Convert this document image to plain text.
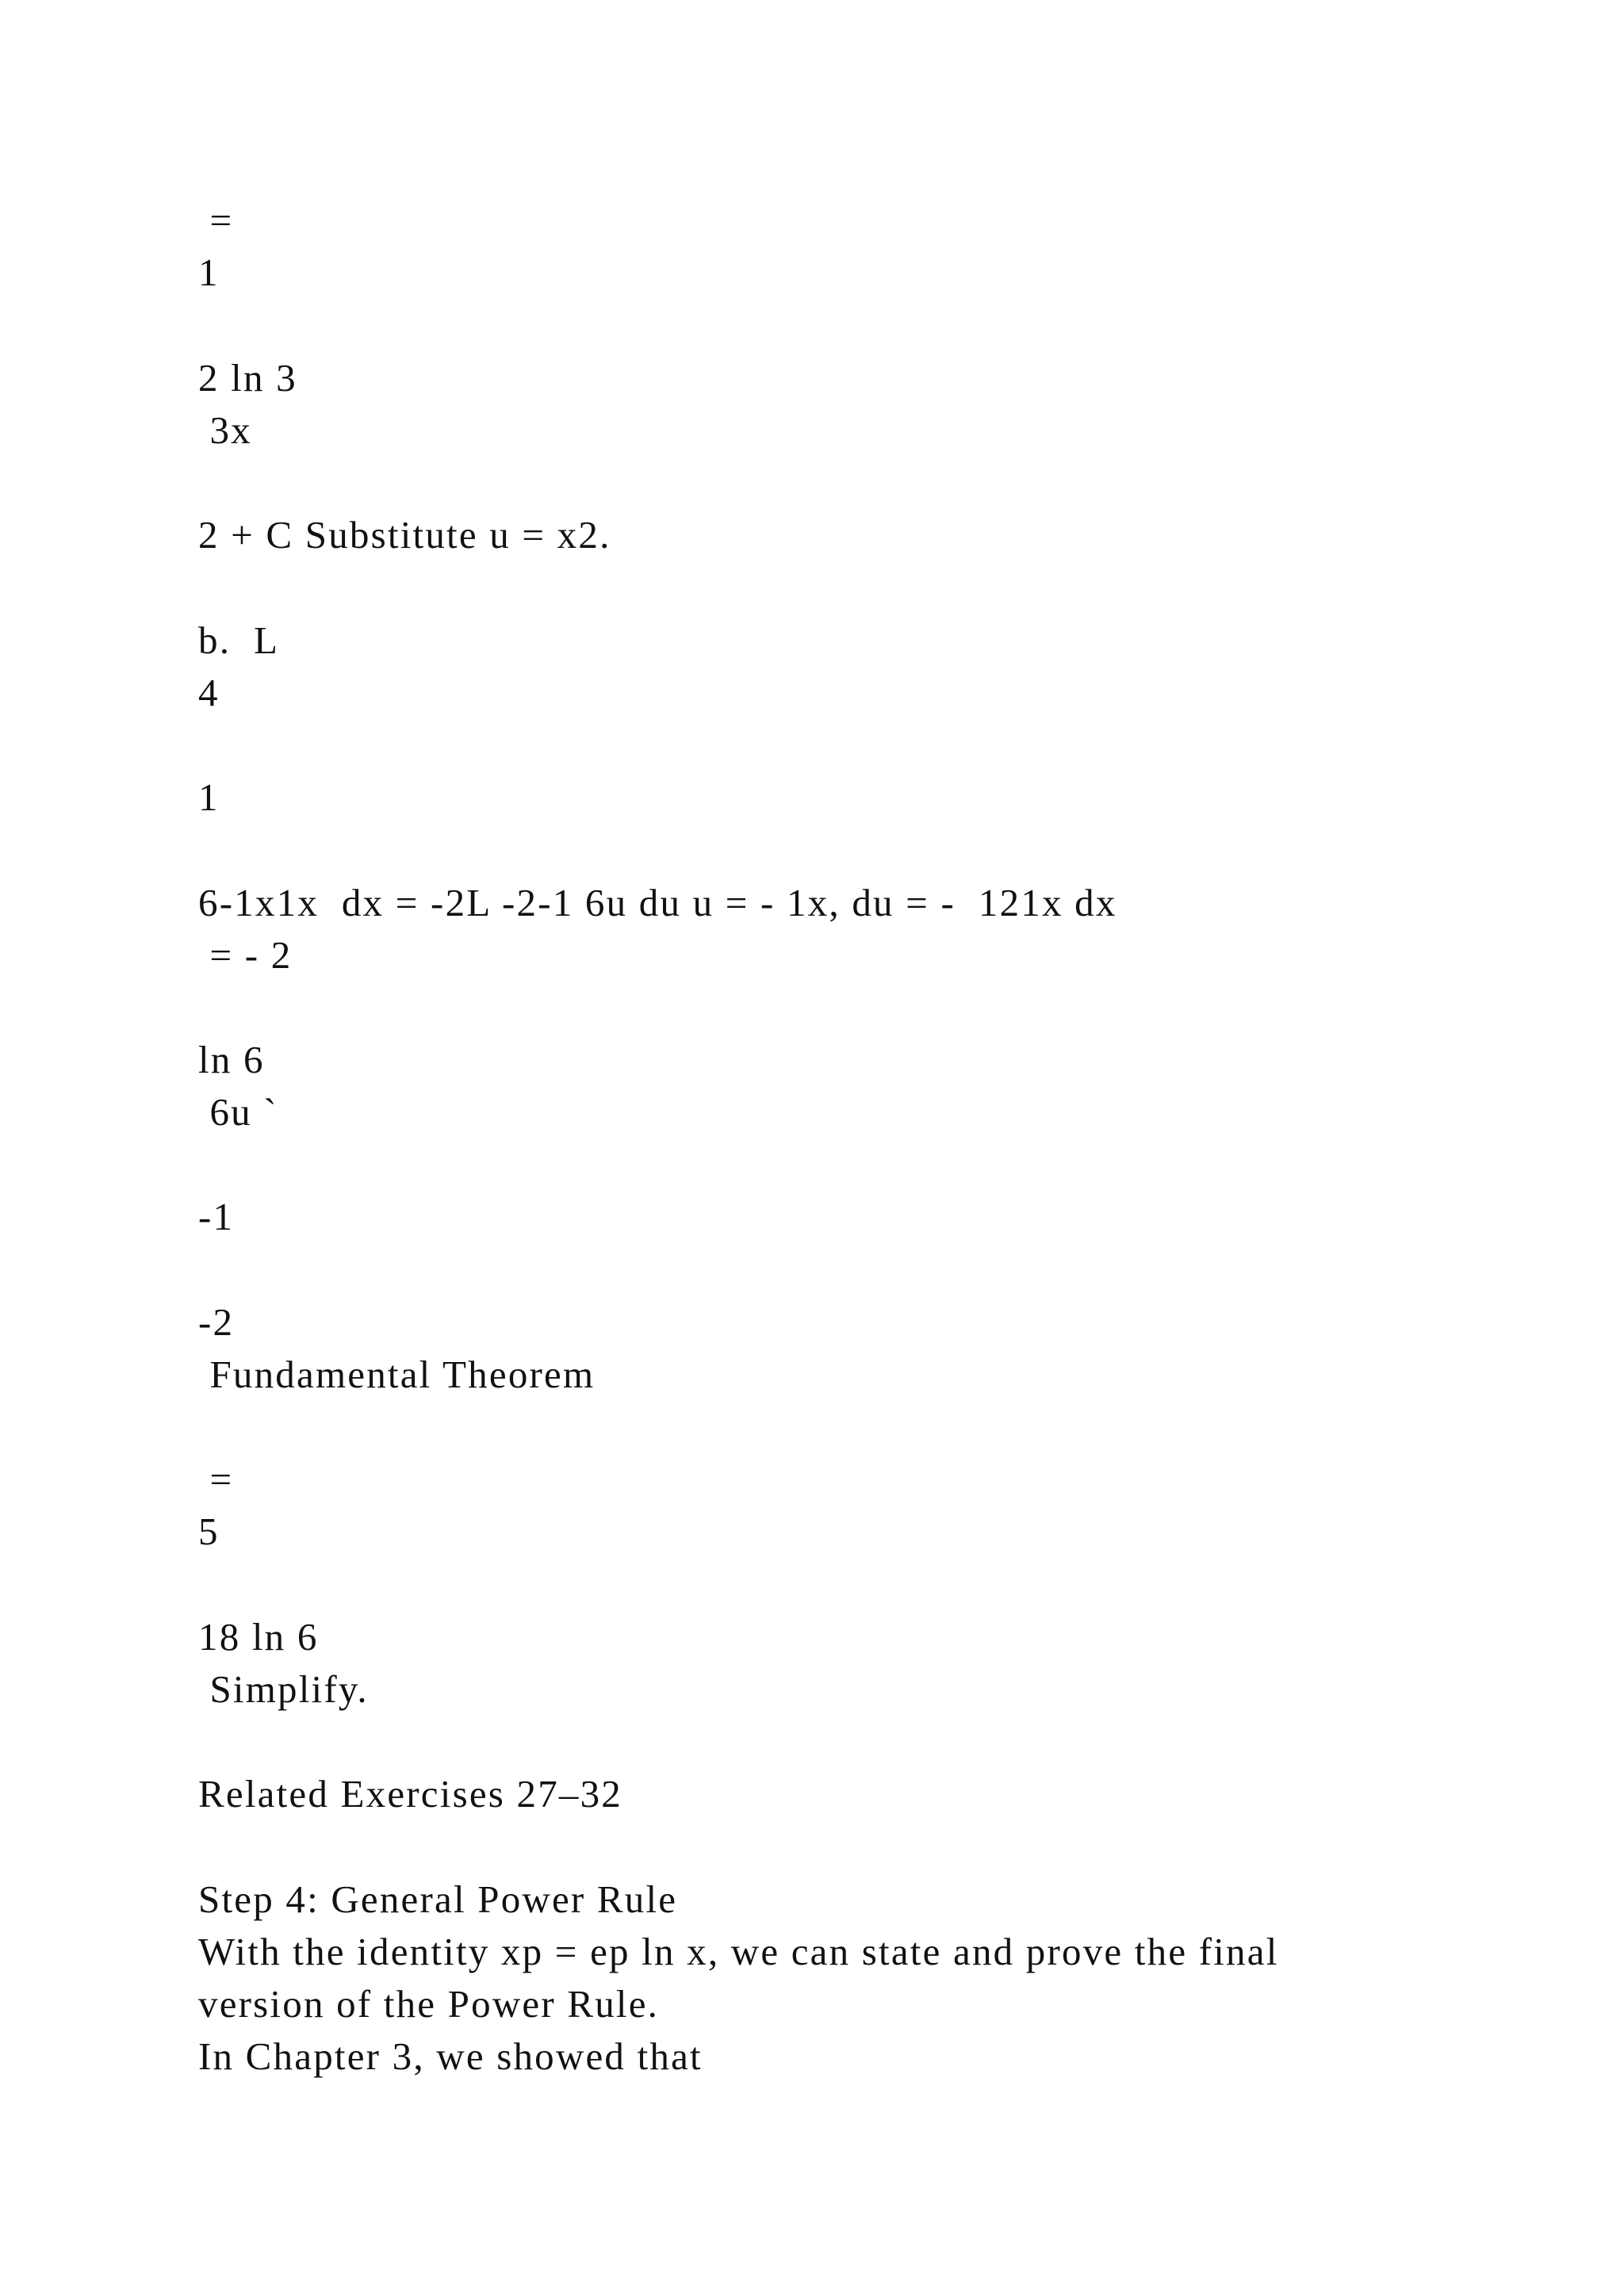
=

1

2 ln 3

3x

2 + C Substitute u = x2.

b.  L

4

1

6-1x1x  dx = -2L -2-1 6u du u = - 1x, du = -  121x dx

= - 2

ln 6

6u `

-1

-2

Fundamental Theorem

=

5

18 ln 6

Simplify.

Related Exercises 27–32

Step 4: General Power Rule

With the identity xp = ep ln x, we can state and prove the final

version of the Power Rule.

In Chapter 3, we showed that
